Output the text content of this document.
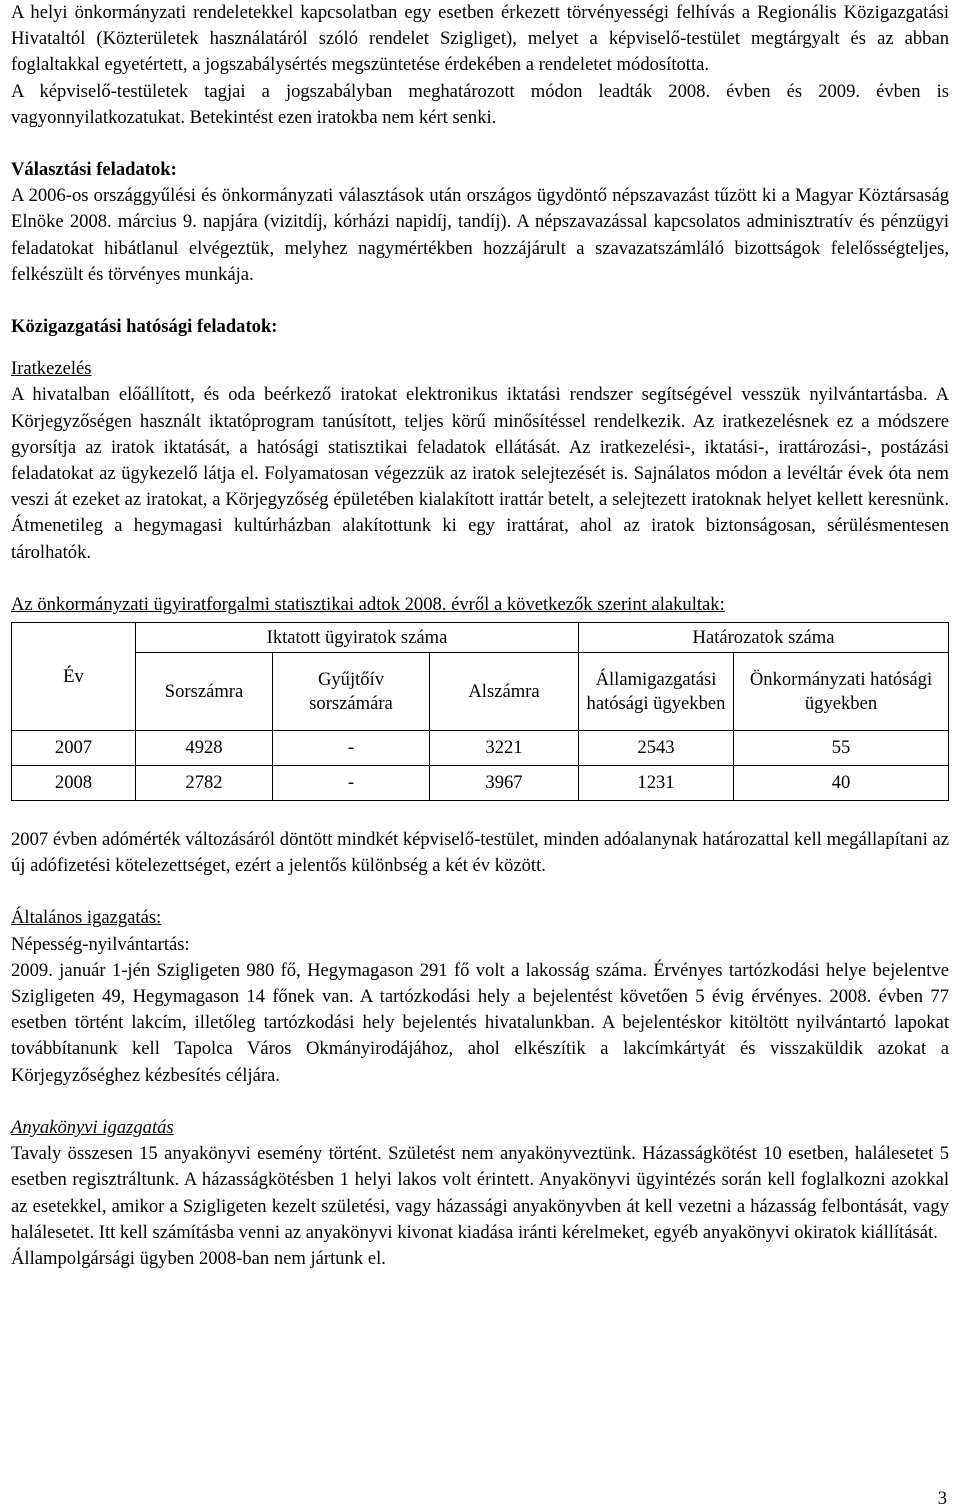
A helyi önkormányzati rendeletekkel kapcsolatban egy esetben érkezett törvényességi felhívás a Regionális Közigazgatási Hivataltól (Közterületek használatáról szóló rendelet Szigliget), melyet a képviselő-testület megtárgyalt és az abban foglaltakkal egyetértett, a jogszabálysértés megszüntetése érdekében a rendeletet módosította.

A képviselő-testületek tagjai a jogszabályban meghatározott módon leadták 2008. évben és 2009. évben is vagyonnyilatkozatukat. Betekintést ezen iratokba nem kért senki.

Választási feladatok:

A 2006-os országgyűlési és önkormányzati választások után országos ügydöntő népszavazást tűzött ki a Magyar Köztársaság Elnöke 2008. március 9. napjára (vizitdíj, kórházi napidíj, tandíj). A népszavazással kapcsolatos adminisztratív és pénzügyi feladatokat hibátlanul elvégeztük, melyhez nagymértékben hozzájárult a szavazatszámláló bizottságok felelősségteljes, felkészült és törvényes munkája.

Közigazgatási hatósági feladatok:

Iratkezelés

A hivatalban előállított, és oda beérkező iratokat elektronikus iktatási rendszer segítségével vesszük nyilvántartásba. A Körjegyzőségen használt iktatóprogram tanúsított, teljes körű minősítéssel rendelkezik. Az iratkezelésnek ez a módszere gyorsítja az iratok iktatását, a hatósági statisztikai feladatok ellátását. Az iratkezelési-, iktatási-, irattározási-, postázási feladatokat az ügykezelő látja el. Folyamatosan végezzük az iratok selejtezését is. Sajnálatos módon a levéltár évek óta nem veszi át ezeket az iratokat, a Körjegyzőség épületében kialakított irattár betelt, a selejtezett iratoknak helyet kellett keresnünk. Átmenetileg a hegymagasi kultúrházban alakítottunk ki egy irattárat, ahol az iratok biztonságosan, sérülésmentesen tárolhatók.

Az önkormányzati ügyiratforgalmi statisztikai adtok 2008. évről a következők szerint alakultak:

Év	Iktatott ügyiratok száma			Határozatok száma	
	Sorszámra	Gyűjtőív sorszámára	Alszámra	Államigazgatási hatósági ügyekben	Önkormányzati hatósági ügyekben
2007	4928	-	3221	2543	55
2008	2782	-	3967	1231	40

2007 évben adómérték változásáról döntött mindkét képviselő-testület, minden adóalanynak határozattal kell megállapítani az új adófizetési kötelezettséget, ezért a jelentős különbség a két év között.

Általános igazgatás:

Népesség-nyilvántartás:

2009. január 1-jén Szigligeten 980 fő, Hegymagason 291 fő volt a lakosság száma. Érvényes tartózkodási helye bejelentve Szigligeten 49, Hegymagason 14 főnek van. A tartózkodási hely a bejelentést követően 5 évig érvényes. 2008. évben 77 esetben történt lakcím, illetőleg tartózkodási hely bejelentés hivatalunkban. A bejelentéskor kitöltött nyilvántartó lapokat továbbítanunk kell Tapolca Város Okmányirodájához, ahol elkészítik a lakcímkártyát és visszaküldik azokat a Körjegyzőséghez kézbesítés céljára.

Anyakönyvi igazgatás

Tavaly összesen 15 anyakönyvi esemény történt. Születést nem anyakönyveztünk. Házasságkötést 10 esetben, halálesetet 5 esetben regisztráltunk. A házasságkötésben 1 helyi lakos volt érintett. Anyakönyvi ügyintézés során kell foglalkozni azokkal az esetekkel, amikor a Szigligeten kezelt születési, vagy házassági anyakönyvben át kell vezetni a házasság felbontását, vagy halálesetet. Itt kell számításba venni az anyakönyvi kivonat kiadása iránti kérelmeket, egyéb anyakönyvi okiratok kiállítását.

Állampolgársági ügyben 2008-ban nem jártunk el.

3
